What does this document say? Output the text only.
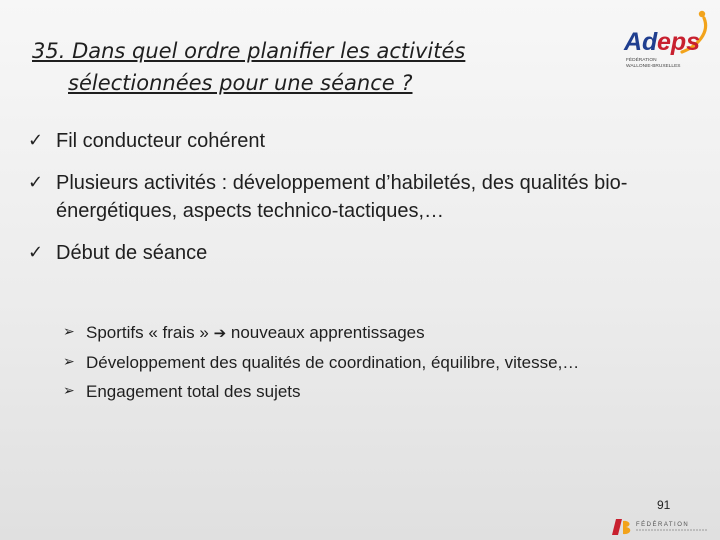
35. Dans quel ordre planifier les activités
sélectionnées pour une séance ?
Ad eps
FÉDÉRATION
WALLONIE-BRUXELLES
✓ Fil conducteur cohérent
✓ Plusieurs activités : développement d’habiletés, des qualités bio-énergétiques, aspects technico-tactiques,…
✓ Début de séance
➢ Sportifs « frais » ➔ nouveaux apprentissages
➢ Développement des qualités de coordination, équilibre, vitesse,…
➢ Engagement total des sujets
91
FÉDÉRATION
